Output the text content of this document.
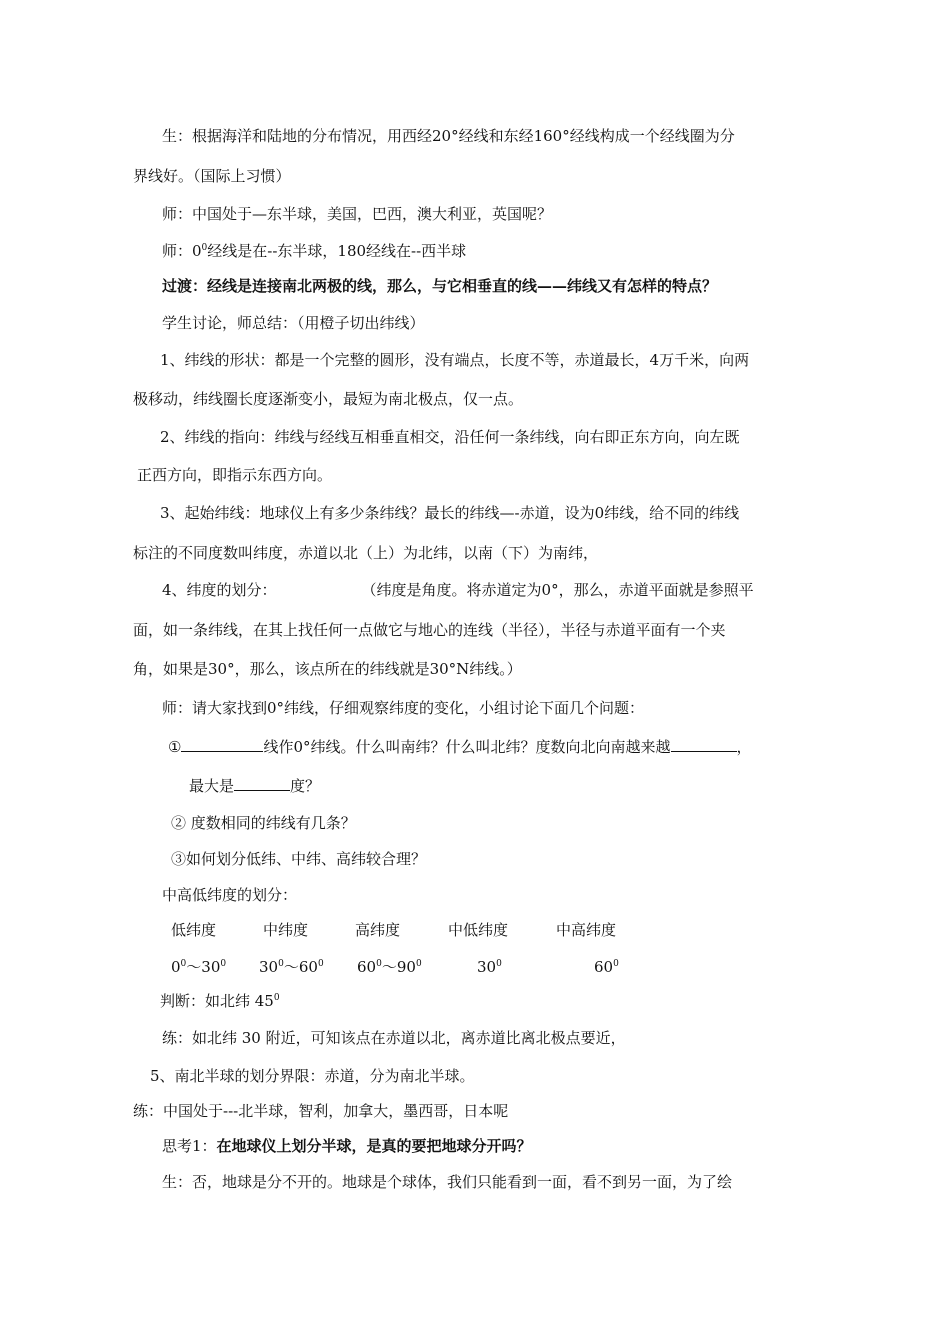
生：根据海洋和陆地的分布情况，用西经20°经线和东经160°经线构成一个经线圈为分
界线好。（国际上习惯）
师：中国处于—东半球，美国，巴西，澳大利亚，英国呢？
师：$0^0$经线是在--东半球，180经线在--西半球
过渡：经线是连接南北两极的线，那么，与它相垂直的线——纬线又有怎样的特点？
学生讨论，师总结：（用橙子切出纬线）
1、纬线的形状：都是一个完整的圆形，没有端点，长度不等，赤道最长，4万千米，向两
极移动，纬线圈长度逐渐变小，最短为南北极点，仅一点。
2、纬线的指向：纬线与经线互相垂直相交，沿任何一条纬线，向右即正东方向，向左既
正西方向，即指示东西方向。
3、起始纬线：地球仪上有多少条纬线？最长的纬线—-赤道，设为0纬线，给不同的纬线
标注的不同度数叫纬度，赤道以北（上）为北纬，以南（下）为南纬，
4、纬度的划分：	（纬度是角度。将赤道定为0°，那么，赤道平面就是参照平
面，如一条纬线，在其上找任何一点做它与地心的连线（半径），半径与赤道平面有一个夹
角，如果是30°，那么，该点所在的纬线就是30°N纬线。）
师：请大家找到0°纬线，仔细观察纬度的变化，小组讨论下面几个问题：
①	线作0°纬线。什么叫南纬？什么叫北纬？度数向北向南越来越	，
最大是	度？
② 度数相同的纬线有几条？
③如何划分低纬、中纬、高纬较合理？
中高低纬度的划分：
低纬度	中纬度	高纬度	中低纬度	中高纬度
$0^0\sim 30^0$ $30^0\sim 60^0$ $60^0\sim 90^0$	$30^0$	$60^0$
判断：如北纬 $45^0$
练：如北纬 30 附近，可知该点在赤道以北，离赤道比离北极点要近，
5、南北半球的划分界限：赤道，分为南北半球。
练：中国处于---北半球，智利，加拿大，墨西哥，日本呢
思考1：在地球仪上划分半球，是真的要把地球分开吗？
生：否，地球是分不开的。地球是个球体，我们只能看到一面，看不到另一面，为了绘
